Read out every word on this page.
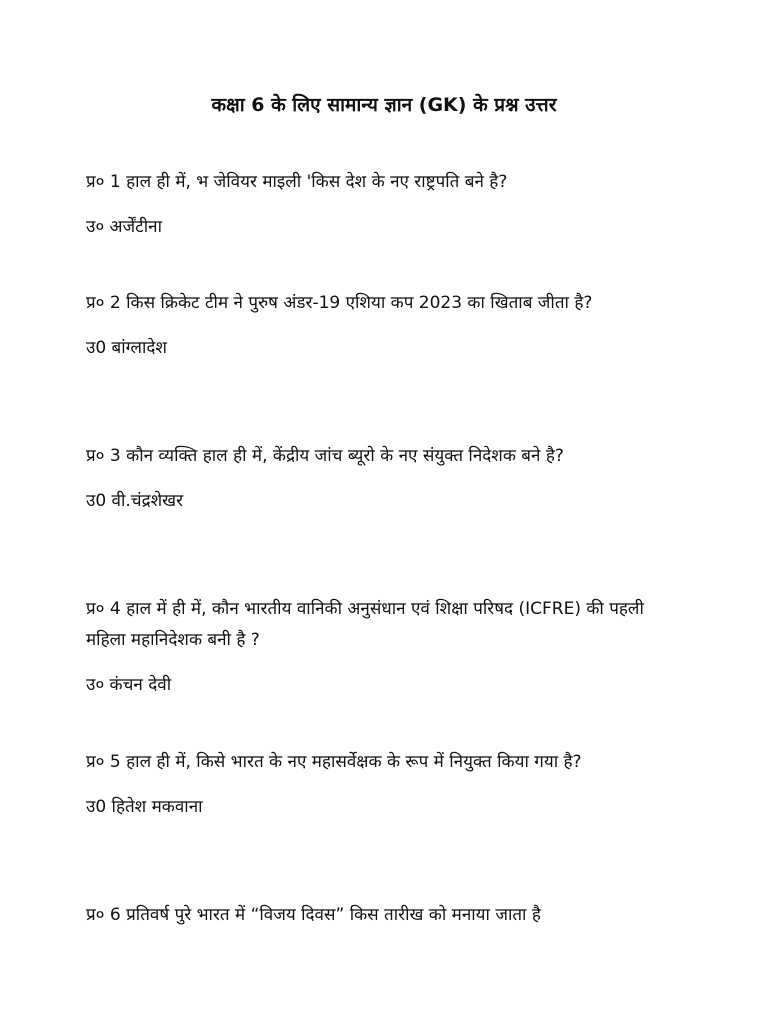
कक्षा 6 के लिए सामान्य ज्ञान (GK) के प्रश्न उत्तर

प्र० 1 हाल ही में, भ जेवियर माइली 'किस देश के नए राष्ट्रपति बने है?

उ० अर्जेंटीना

प्र० 2 किस क्रिकेट टीम ने पुरुष अंडर-19 एशिया कप 2023 का खिताब जीता है?

उ0 बांग्लादेश

प्र० 3 कौन व्यक्ति हाल ही में, केंद्रीय जांच ब्यूरो के नए संयुक्त निदेशक बने है?

उ0 वी.चंद्रशेखर

प्र० 4 हाल में ही में, कौन भारतीय वानिकी अनुसंधान एवं शिक्षा परिषद (ICFRE) की पहली महिला महानिदेशक बनी है ?

उ० कंचन देवी

प्र० 5 हाल ही में, किसे भारत के नए महासर्वेक्षक के रूप में नियुक्त किया गया है?

उ0 हितेश मकवाना

प्र० 6 प्रतिवर्ष पुरे भारत में “विजय दिवस” किस तारीख को मनाया जाता है
